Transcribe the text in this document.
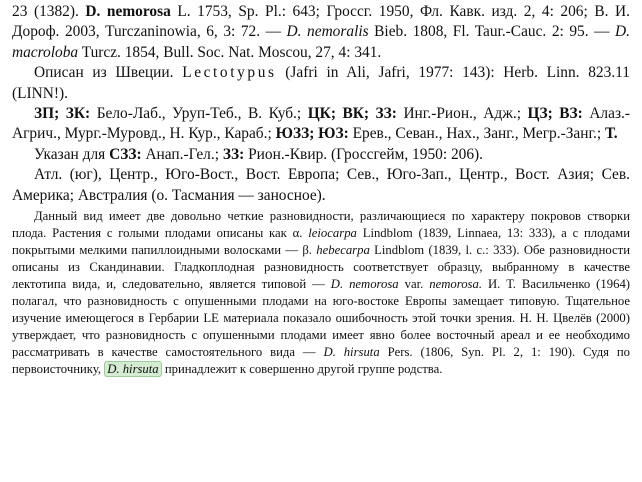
23 (1382). D. nemorosa L. 1753, Sp. Pl.: 643; Гроссг. 1950, Фл. Кавк. изд. 2, 4: 206; В. И. Дороф. 2003, Turczaninowia, 6, 3: 72. — D. nemoralis Bieb. 1808, Fl. Taur.-Cauc. 2: 95. — D. macroloba Turcz. 1854, Bull. Soc. Nat. Moscou, 27, 4: 341.

Описан из Швеции. Lectotypus (Jafri in Ali, Jafri, 1977: 143): Herb. Linn. 823.11 (LINN!).

ЗП; ЗК: Бело-Лаб., Уруп-Теб., В. Куб.; ЦК; ВК; ЗЗ: Инг.-Рион., Адж.; ЦЗ; ВЗ: Алаз.-Агрич., Мург.-Муровд., Н. Кур., Караб.; ЮЗЗ; ЮЗ: Ерев., Севан., Нах., Занг., Мегр.-Занг.; Т.

Указан для СЗЗ: Анап.-Гел.; ЗЗ: Рион.-Квир. (Гроссгейм, 1950: 206).

Атл. (юг), Центр., Юго-Вост., Вост. Европа; Сев., Юго-Зап., Центр., Вост. Азия; Сев. Америка; Австралия (о. Тасмания — заносное).

Данный вид имеет две довольно четкие разновидности, различающиеся по характеру покровов створки плода. Растения с голыми плодами описаны как α. leiocarpa Lindblom (1839, Linnaea, 13: 333), а с плодами покрытыми мелкими папиллоидными волосками — β. hebecarpa Lindblom (1839, l. c.: 333). Обе разновидности описаны из Скандинавии. Гладкоплодная разновидность соответствует образцу, выбранному в качестве лектотипа вида, и, следовательно, является типовой — D. nemorosa var. nemorosa. И. Т. Васильченко (1964) полагал, что разновидность с опушенными плодами на юго-востоке Европы замещает типовую. Тщательное изучение имеющегося в Гербарии LE материала показало ошибочность этой точки зрения. Н. Н. Цвелёв (2000) утверждает, что разновидность с опушенными плодами имеет явно более восточный ареал и ее необходимо рассматривать в качестве самостоятельного вида — D. hirsuta Pers. (1806, Syn. Pl. 2, 1: 190). Судя по первоисточнику, D. hirsuta принадлежит к совершенно другой группе родства.
